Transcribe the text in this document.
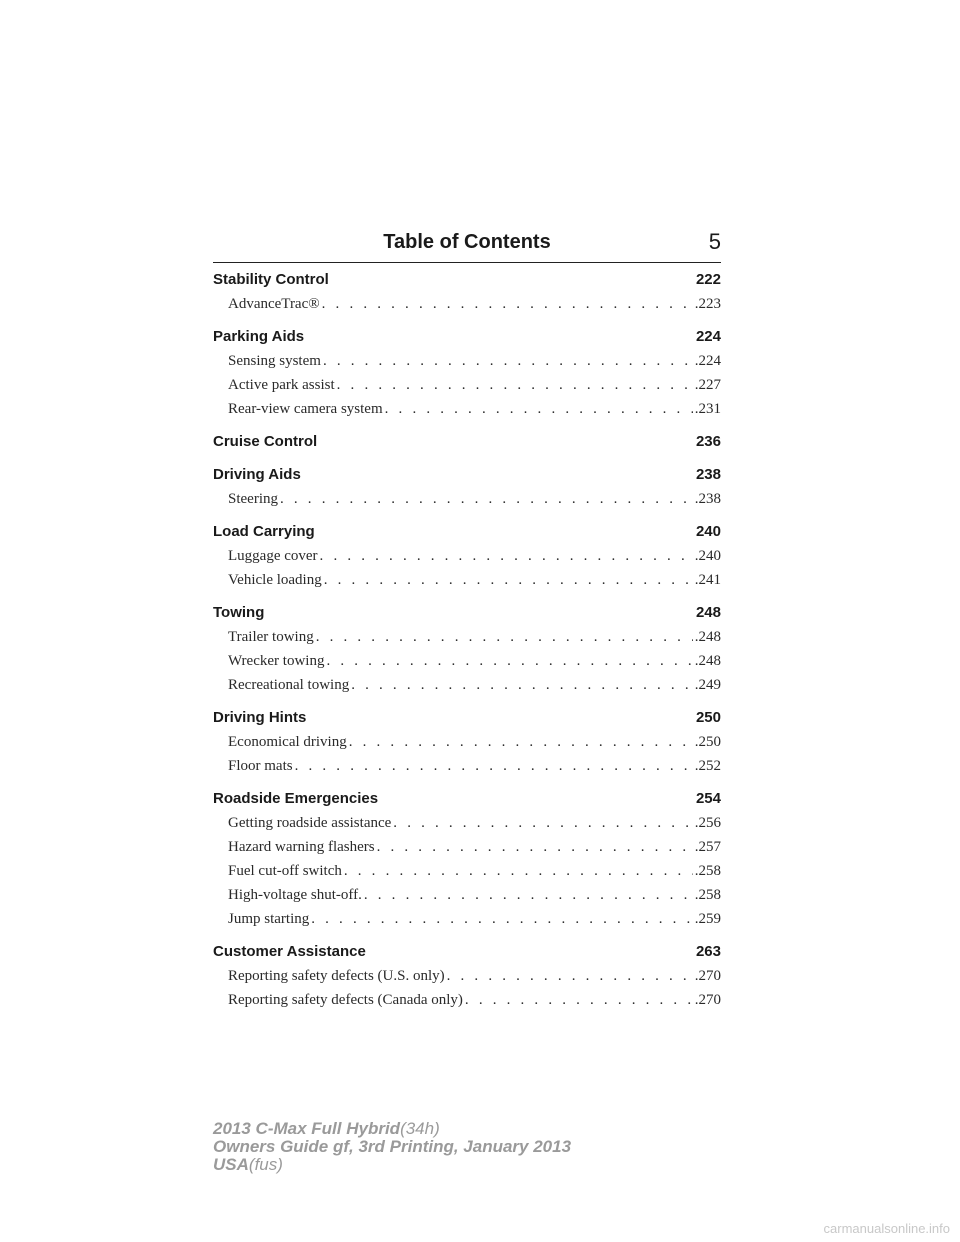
Table of Contents	5
Stability Control	222
AdvanceTrac® . . .	.223
Parking Aids	224
Sensing system . . .	.224
Active park assist . . .	.227
Rear-view camera system . . .	.231
Cruise Control	236
Driving Aids	238
Steering . . .	.238
Load Carrying	240
Luggage cover . . .	.240
Vehicle loading . . .	.241
Towing	248
Trailer towing . . .	.248
Wrecker towing . . .	.248
Recreational towing . . .	.249
Driving Hints	250
Economical driving . . .	.250
Floor mats . . .	.252
Roadside Emergencies	254
Getting roadside assistance . . .	.256
Hazard warning flashers . . .	.257
Fuel cut-off switch . . .	.258
High-voltage shut-off. . . .	.258
Jump starting . . .	.259
Customer Assistance	263
Reporting safety defects (U.S. only) . . .	.270
Reporting safety defects (Canada only) . . .	.270
2013 C-Max Full Hybrid(34h)
Owners Guide gf, 3rd Printing, January 2013
USA(fus)
carmanualsonline.info
